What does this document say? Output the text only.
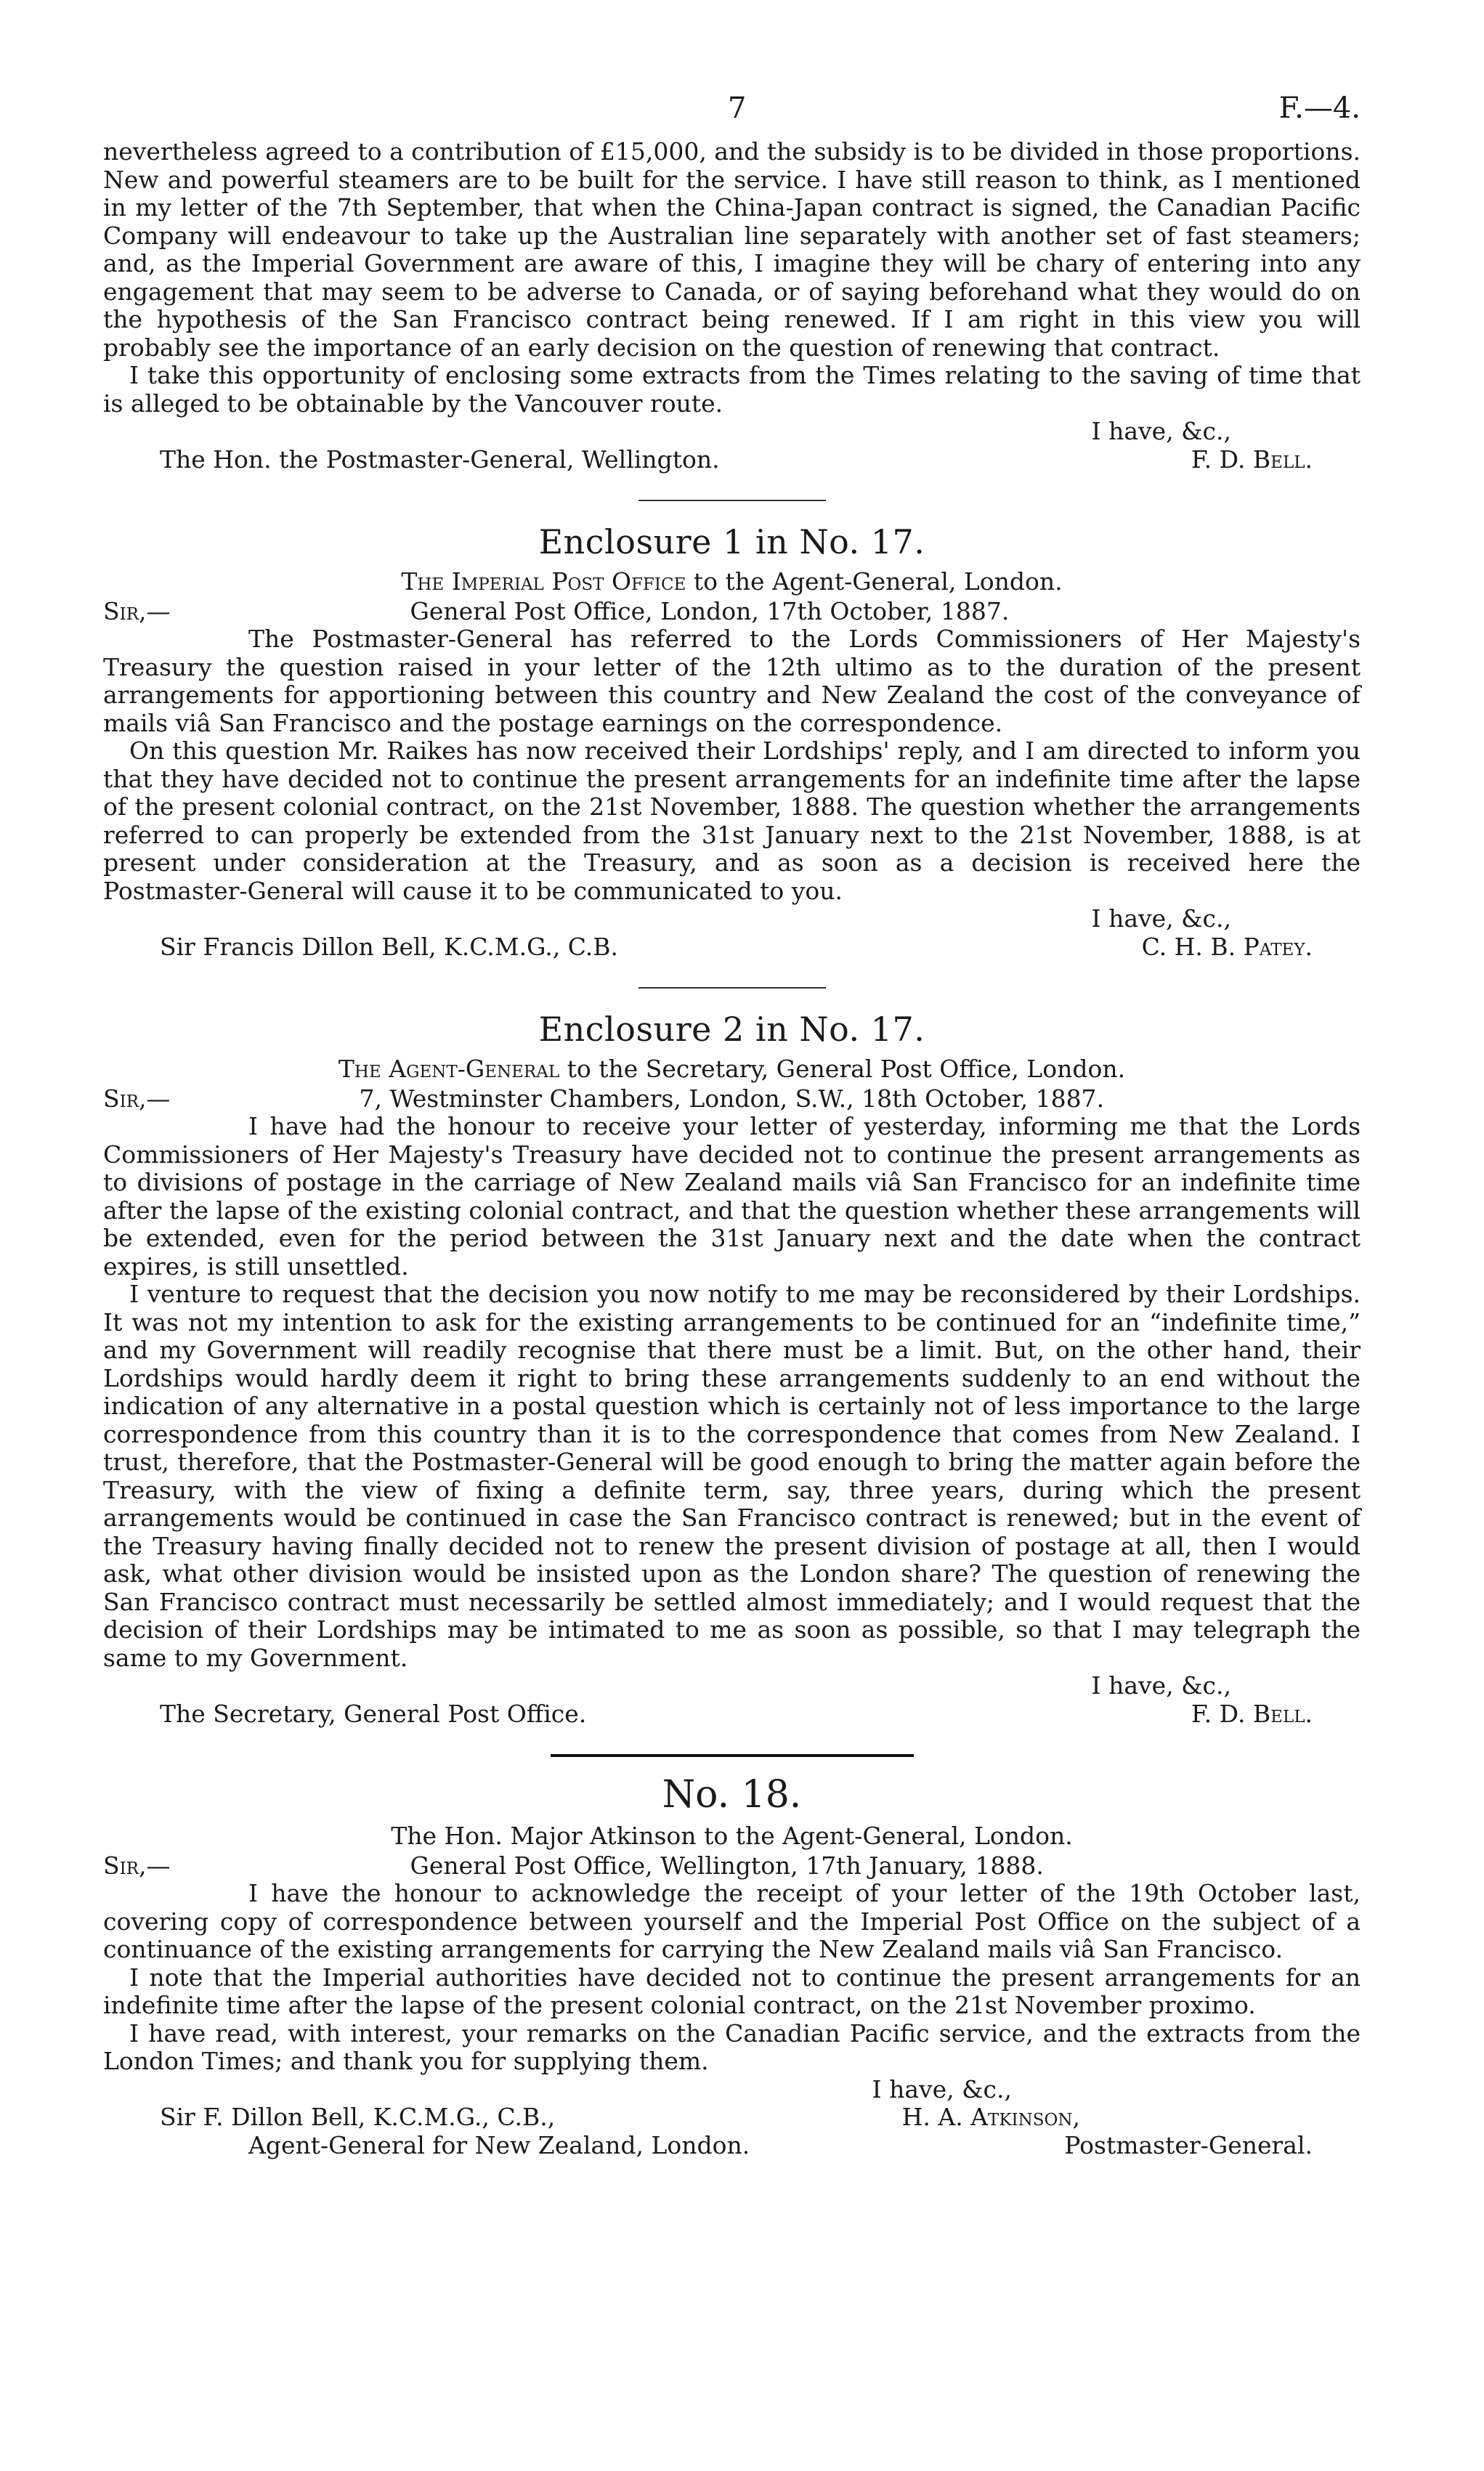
7	F.—4.

nevertheless agreed to a contribution of £15,000, and the subsidy is to be divided in those proportions. New and powerful steamers are to be built for the service. I have still reason to think, as I mentioned in my letter of the 7th September, that when the China-Japan contract is signed, the Canadian Pacific Company will endeavour to take up the Australian line separately with another set of fast steamers; and, as the Imperial Government are aware of this, I imagine they will be chary of entering into any engagement that may seem to be adverse to Canada, or of saying beforehand what they would do on the hypothesis of the San Francisco contract being renewed. If I am right in this view you will probably see the importance of an early decision on the question of renewing that contract.

I take this opportunity of enclosing some extracts from the Times relating to the saving of time that is alleged to be obtainable by the Vancouver route.

I have, &c.,
The Hon. the Postmaster-General, Wellington.	F. D. Bell.
Enclosure 1 in No. 17.
The Imperial Post Office to the Agent-General, London.
Sir,—	General Post Office, London, 17th October, 1887.

The Postmaster-General has referred to the Lords Commissioners of Her Majesty's Treasury the question raised in your letter of the 12th ultimo as to the duration of the present arrangements for apportioning between this country and New Zealand the cost of the conveyance of mails viâ San Francisco and the postage earnings on the correspondence.

On this question Mr. Raikes has now received their Lordships' reply, and I am directed to inform you that they have decided not to continue the present arrangements for an indefinite time after the lapse of the present colonial contract, on the 21st November, 1888. The question whether the arrangements referred to can properly be extended from the 31st January next to the 21st November, 1888, is at present under consideration at the Treasury, and as soon as a decision is received here the Postmaster-General will cause it to be communicated to you.

I have, &c.,
Sir Francis Dillon Bell, K.C.M.G., C.B.	C. H. B. Patey.
Enclosure 2 in No. 17.
The Agent-General to the Secretary, General Post Office, London.
Sir,—	7, Westminster Chambers, London, S.W., 18th October, 1887.

I have had the honour to receive your letter of yesterday, informing me that the Lords Commissioners of Her Majesty's Treasury have decided not to continue the present arrangements as to divisions of postage in the carriage of New Zealand mails viâ San Francisco for an indefinite time after the lapse of the existing colonial contract, and that the question whether these arrangements will be extended, even for the period between the 31st January next and the date when the contract expires, is still unsettled.

I venture to request that the decision you now notify to me may be reconsidered by their Lordships. It was not my intention to ask for the existing arrangements to be continued for an “indefinite time,” and my Government will readily recognise that there must be a limit. But, on the other hand, their Lordships would hardly deem it right to bring these arrangements suddenly to an end without the indication of any alternative in a postal question which is certainly not of less importance to the large correspondence from this country than it is to the correspondence that comes from New Zealand. I trust, therefore, that the Postmaster-General will be good enough to bring the matter again before the Treasury, with the view of fixing a definite term, say, three years, during which the present arrangements would be continued in case the San Francisco contract is renewed; but in the event of the Treasury having finally decided not to renew the present division of postage at all, then I would ask, what other division would be insisted upon as the London share? The question of renewing the San Francisco contract must necessarily be settled almost immediately; and I would request that the decision of their Lordships may be intimated to me as soon as possible, so that I may telegraph the same to my Government.

I have, &c.,
The Secretary, General Post Office.	F. D. Bell.
No. 18.
The Hon. Major Atkinson to the Agent-General, London.
Sir,—	General Post Office, Wellington, 17th January, 1888.

I have the honour to acknowledge the receipt of your letter of the 19th October last, covering copy of correspondence between yourself and the Imperial Post Office on the subject of a continuance of the existing arrangements for carrying the New Zealand mails viâ San Francisco.

I note that the Imperial authorities have decided not to continue the present arrangements for an indefinite time after the lapse of the present colonial contract, on the 21st November proximo.

I have read, with interest, your remarks on the Canadian Pacific service, and the extracts from the London Times; and thank you for supplying them.

I have, &c.,
Sir F. Dillon Bell, K.C.M.G., C.B.,	H. A. Atkinson,
Agent-General for New Zealand, London.	Postmaster-General.
